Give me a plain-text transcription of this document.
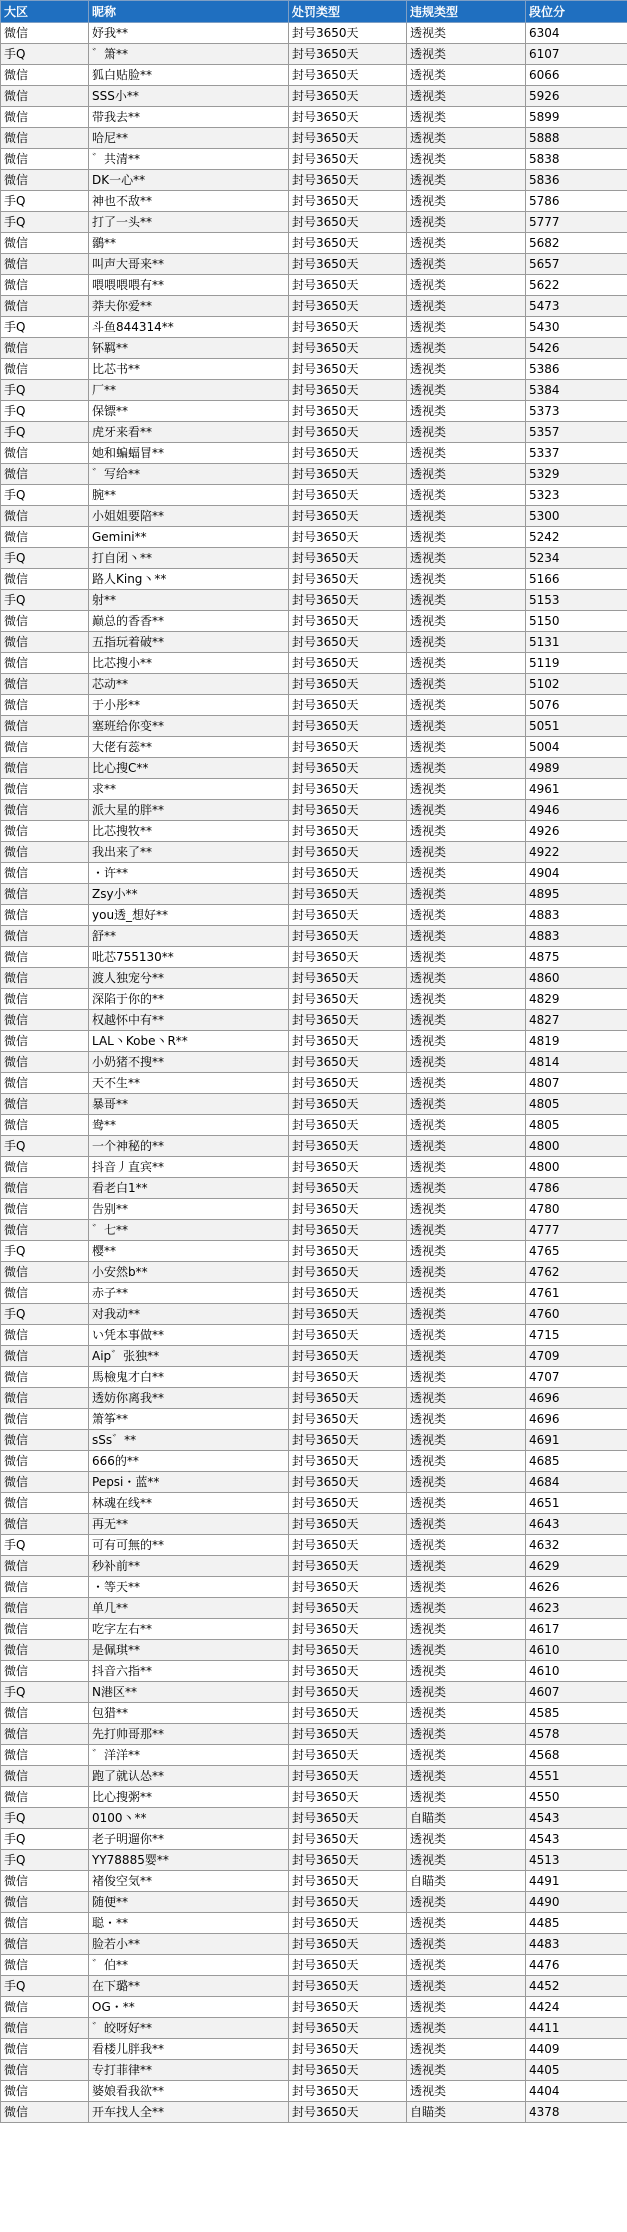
大区	昵称	处罚类型	违规类型	段位分
微信	妤我**	封号3650天	透视类	6304
手Q	゛箫**	封号3650天	透视类	6107
微信	狐白贴脸**	封号3650天	透视类	6066
微信	SSS小**	封号3650天	透视类	5926
微信	带我去**	封号3650天	透视类	5899
微信	哈尼**	封号3650天	透视类	5888
微信	゛共清**	封号3650天	透视类	5838
微信	DK一心**	封号3650天	透视类	5836
手Q	神也不敌**	封号3650天	透视类	5786
手Q	打了一头**	封号3650天	透视类	5777
微信	鶸**	封号3650天	透视类	5682
微信	叫声大哥来**	封号3650天	透视类	5657
微信	喂喂喂喂有**	封号3650天	透视类	5622
微信	莽夫你爱**	封号3650天	透视类	5473
手Q	斗鱼844314**	封号3650天	透视类	5430
微信	钚羁**	封号3650天	透视类	5426
微信	比芯书**	封号3650天	透视类	5386
手Q	厂**	封号3650天	透视类	5384
手Q	保镖**	封号3650天	透视类	5373
手Q	虎牙来看**	封号3650天	透视类	5357
微信	她和蝙蝠冒**	封号3650天	透视类	5337
微信	゛写给**	封号3650天	透视类	5329
手Q	腕**	封号3650天	透视类	5323
微信	小姐姐要陪**	封号3650天	透视类	5300
微信	Gemini**	封号3650天	透视类	5242
手Q	打自闭丶**	封号3650天	透视类	5234
微信	路人King丶**	封号3650天	透视类	5166
手Q	射**	封号3650天	透视类	5153
微信	巅总的香香**	封号3650天	透视类	5150
微信	五指玩着破**	封号3650天	透视类	5131
微信	比芯搜小**	封号3650天	透视类	5119
微信	芯动**	封号3650天	透视类	5102
微信	于小彤**	封号3650天	透视类	5076
微信	塞班给你变**	封号3650天	透视类	5051
微信	大佬有蕊**	封号3650天	透视类	5004
微信	比心搜C**	封号3650天	透视类	4989
微信	求**	封号3650天	透视类	4961
微信	派大星的胖**	封号3650天	透视类	4946
微信	比芯搜牧**	封号3650天	透视类	4926
微信	我出来了**	封号3650天	透视类	4922
微信	・许**	封号3650天	透视类	4904
微信	Zsy小**	封号3650天	透视类	4895
微信	you透_想好**	封号3650天	透视类	4883
微信	舒**	封号3650天	透视类	4883
微信	吡芯755130**	封号3650天	透视类	4875
微信	渡人独宠兮**	封号3650天	透视类	4860
微信	深陷于你的**	封号3650天	透视类	4829
微信	权越怀中有**	封号3650天	透视类	4827
微信	LAL丶Kobe丶R**	封号3650天	透视类	4819
微信	小奶猪不搜**	封号3650天	透视类	4814
微信	天不生**	封号3650天	透视类	4807
微信	暴哥**	封号3650天	透视类	4805
微信	鸯**	封号3650天	透视类	4805
手Q	一个神秘的**	封号3650天	透视类	4800
微信	抖音丿直宾**	封号3650天	透视类	4800
微信	看老白1**	封号3650天	透视类	4786
微信	告别**	封号3650天	透视类	4780
微信	゛七**	封号3650天	透视类	4777
手Q	樱**	封号3650天	透视类	4765
微信	小安然b**	封号3650天	透视类	4762
微信	赤子**	封号3650天	透视类	4761
手Q	对我动**	封号3650天	透视类	4760
微信	い凭本事做**	封号3650天	透视类	4715
微信	Aip゛张独**	封号3650天	透视类	4709
微信	馬檢鬼才白**	封号3650天	透视类	4707
微信	透妨你离我**	封号3650天	透视类	4696
微信	箫筝**	封号3650天	透视类	4696
微信	sSs゛**	封号3650天	透视类	4691
微信	666的**	封号3650天	透视类	4685
微信	Pepsi・蓝**	封号3650天	透视类	4684
微信	林魂在线**	封号3650天	透视类	4651
微信	再无**	封号3650天	透视类	4643
手Q	可有可無的**	封号3650天	透视类	4632
微信	秒补前**	封号3650天	透视类	4629
微信	・等天**	封号3650天	透视类	4626
微信	单几**	封号3650天	透视类	4623
微信	吃字左右**	封号3650天	透视类	4617
微信	是佩琪**	封号3650天	透视类	4610
微信	抖音六指**	封号3650天	透视类	4610
手Q	N港区**	封号3650天	透视类	4607
微信	包猎**	封号3650天	透视类	4585
微信	先打帅哥那**	封号3650天	透视类	4578
微信	゛洋洋**	封号3650天	透视类	4568
微信	跑了就认怂**	封号3650天	透视类	4551
微信	比心搜粥**	封号3650天	透视类	4550
手Q	0100丶**	封号3650天	自瞄类	4543
手Q	老子明遛你**	封号3650天	透视类	4543
手Q	YY78885婴**	封号3650天	透视类	4513
微信	褚俊空気**	封号3650天	自瞄类	4491
微信	随便**	封号3650天	透视类	4490
微信	聪・**	封号3650天	透视类	4485
微信	脸若小**	封号3650天	透视类	4483
微信	゛伯**	封号3650天	透视类	4476
手Q	在下璐**	封号3650天	透视类	4452
微信	OG・**	封号3650天	透视类	4424
微信	゛皎呀好**	封号3650天	透视类	4411
微信	看楼儿胖我**	封号3650天	透视类	4409
微信	专打菲律**	封号3650天	透视类	4405
微信	婆娘看我欲**	封号3650天	透视类	4404
微信	开车找人全**	封号3650天	自瞄类	4378
